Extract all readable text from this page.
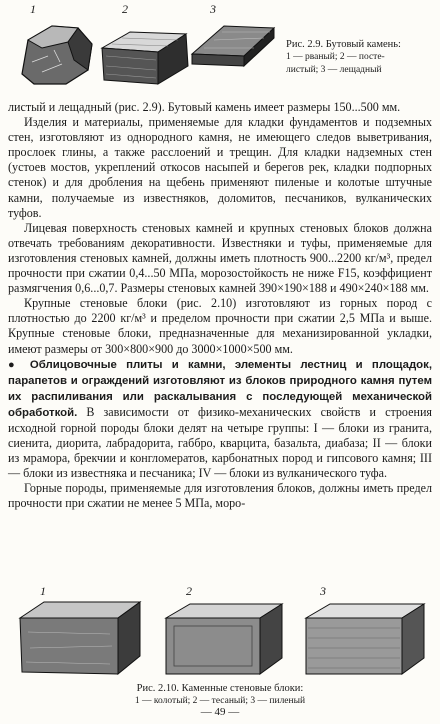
1	2	3
Рис. 2.9. Бутовый камень:
1 — рваный; 2 — посте-
листый; 3 — лещадный

листый и лещадный (рис. 2.9). Бутовый камень имеет размеры 150...500 мм.

Изделия и материалы, применяемые для кладки фундаментов и подземных стен, изготовляют из однородного камня, не имеющего следов выветривания, прослоек глины, а также расслоений и трещин. Для кладки надземных стен (устоев мостов, укреплений откосов насыпей и берегов рек, кладки подпорных стенок) и для дробления на щебень применяют пиленые и колотые штучные камни, получаемые из известняков, доломитов, песчаников, вулканических туфов.

Лицевая поверхность стеновых камней и крупных стеновых блоков должна отвечать требованиям декоративности. Известняки и туфы, применяемые для изготовления стеновых камней, должны иметь плотность 900...2200 кг/м³, предел прочности при сжатии 0,4...50 МПа, морозостойкость не ниже F15, коэффициент размягчения 0,6...0,7. Размеры стеновых камней 390×190×188 и 490×240×188 мм.

Крупные стеновые блоки (рис. 2.10) изготовляют из горных пород с плотностью до 2200 кг/м³ и пределом прочности при сжатии 2,5 МПа и выше. Крупные стеновые блоки, предназначенные для механизированной укладки, имеют размеры от 300×800×900 до 3000×1000×500 мм.

● Облицовочные плиты и камни, элементы лестниц и площадок, парапетов и ограждений изготовляют из блоков природного камня путем их распиливания или раскалывания с последующей механической обработкой. В зависимости от физико-механических свойств и строения исходной горной породы блоки делят на четыре группы: I — блоки из гранита, сиенита, диорита, лабрадорита, габбро, кварцита, базальта, диабаза; II — блоки из мрамора, брекчии и конгломератов, карбонатных пород и гипсового камня; III — блоки из известняка и песчаника; IV — блоки из вулканического туфа.

Горные породы, применяемые для изготовления блоков, должны иметь предел прочности при сжатии не менее 5 МПа, моро-

1	2	3
Рис. 2.10. Каменные стеновые блоки:
1 — колотый; 2 — тесаный; 3 — пиленый
— 49 —
